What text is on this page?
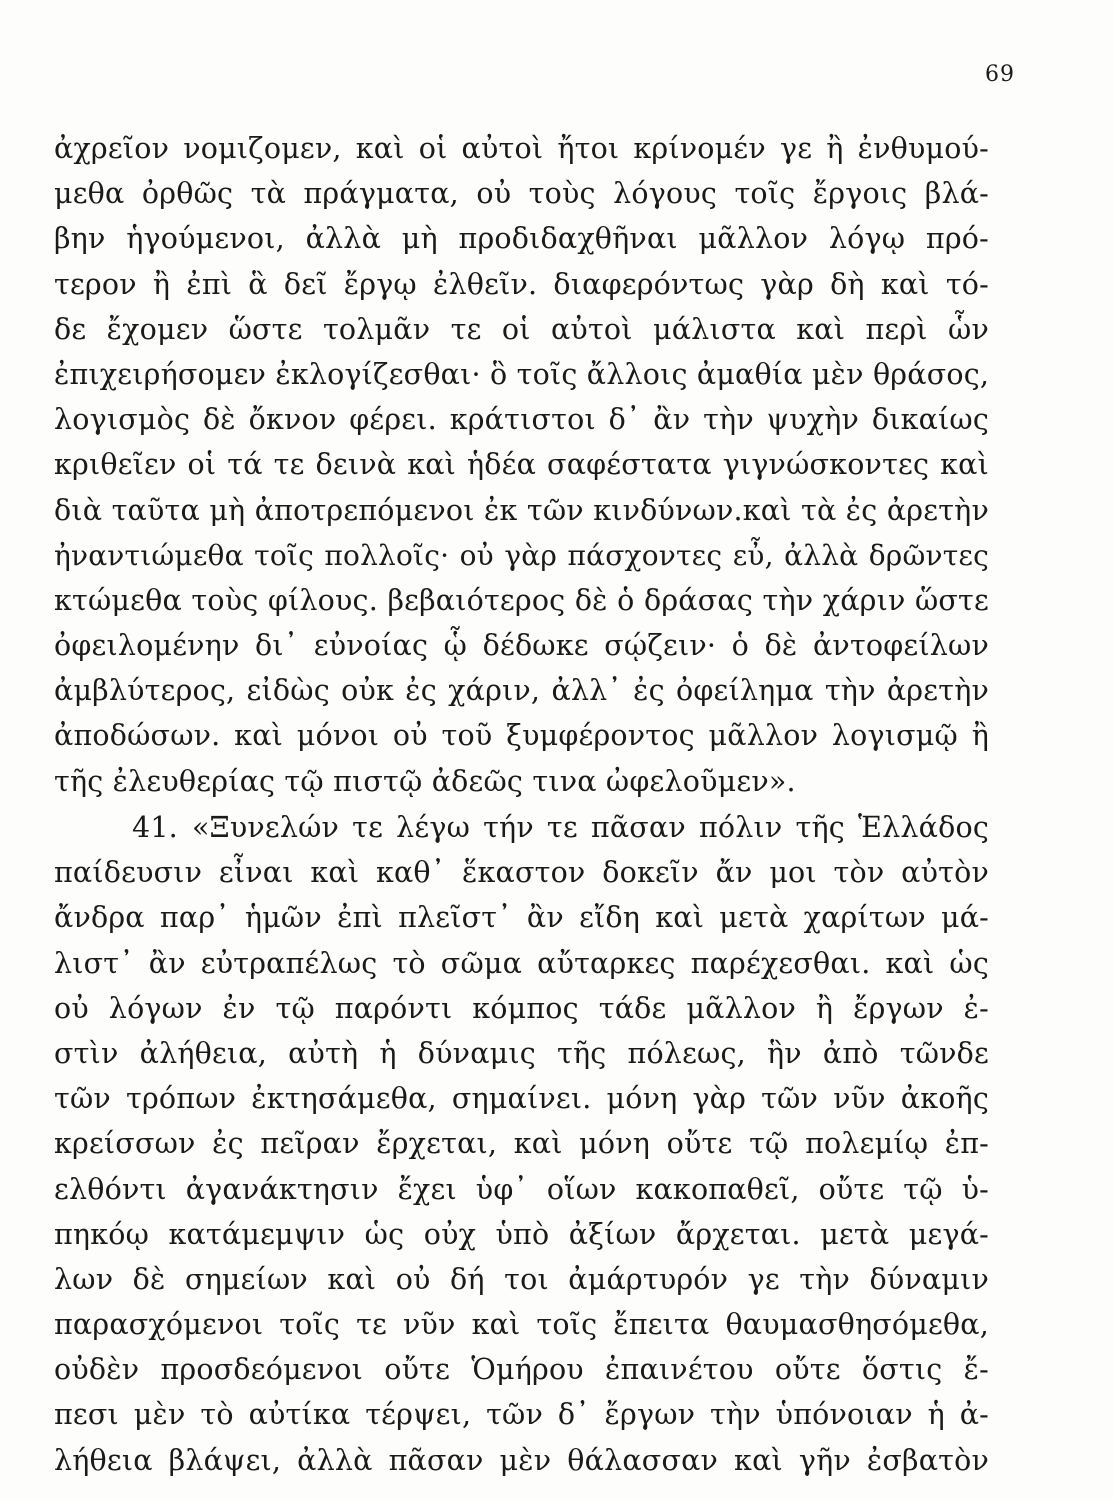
69
ἀχρεῖον νομιζομεν, καὶ οἱ αὐτοὶ ἤτοι κρίνομέν γε ἢ ἐνθυμού-
μεθα ὀρθῶς τὰ πράγματα, οὐ τοὺς λόγους τοῖς ἔργοις βλά-
βην ἡγούμενοι, ἀλλὰ μὴ προδιδαχθῆναι μᾶλλον λόγῳ πρό-
τερον ἢ ἐπὶ ἃ δεῖ ἔργῳ ἐλθεῖν. διαφερόντως γὰρ δὴ καὶ τό-
δε ἔχομεν ὥστε τολμᾶν τε οἱ αὐτοὶ μάλιστα καὶ περὶ ὧν
ἐπιχειρήσομεν ἐκλογίζεσθαι· ὃ τοῖς ἄλλοις ἀμαθία μὲν θράσος,
λογισμὸς δὲ ὄκνον φέρει. κράτιστοι δ᾿ ἂν τὴν ψυχὴν δικαίως
κριθεῖεν οἱ τά τε δεινὰ καὶ ἡδέα σαφέστατα γιγνώσκοντες καὶ
διὰ ταῦτα μὴ ἀποτρεπόμενοι ἐκ τῶν κινδύνων.καὶ τὰ ἐς ἀρετὴν
ἠναντιώμεθα τοῖς πολλοῖς· οὐ γὰρ πάσχοντες εὖ, ἀλλὰ δρῶντες
κτώμεθα τοὺς φίλους. βεβαιότερος δὲ ὁ δράσας τὴν χάριν ὥστε
ὀφειλομένην δι᾿ εὐνοίας ᾧ δέδωκε σῴζειν· ὁ δὲ ἀντοφείλων
ἀμβλύτερος, εἰδὼς οὐκ ἐς χάριν, ἀλλ᾿ ἐς ὀφείλημα τὴν ἀρετὴν
ἀποδώσων. καὶ μόνοι οὐ τοῦ ξυμφέροντος μᾶλλον λογισμῷ ἢ
τῆς ἐλευθερίας τῷ πιστῷ ἀδεῶς τινα ὠφελοῦμεν».
41. «Ξυνελών τε λέγω τήν τε πᾶσαν πόλιν τῆς Ἑλλάδος
παίδευσιν εἶναι καὶ καθ᾿ ἕκαστον δοκεῖν ἄν μοι τὸν αὐτὸν
ἄνδρα παρ᾿ ἡμῶν ἐπὶ πλεῖστ᾿ ἂν εἴδη καὶ μετὰ χαρίτων μά-
λιστ᾿ ἂν εὐτραπέλως τὸ σῶμα αὔταρκες παρέχεσθαι. καὶ ὡς
οὐ λόγων ἐν τῷ παρόντι κόμπος τάδε μᾶλλον ἢ ἔργων ἐ-
στὶν ἀλήθεια, αὐτὴ ἡ δύναμις τῆς πόλεως, ἣν ἀπὸ τῶνδε
τῶν τρόπων ἐκτησάμεθα, σημαίνει. μόνη γὰρ τῶν νῦν ἀκοῆς
κρείσσων ἐς πεῖραν ἔρχεται, καὶ μόνη οὔτε τῷ πολεμίῳ ἐπ-
ελθόντι ἀγανάκτησιν ἔχει ὑφ᾿ οἵων κακοπαθεῖ, οὔτε τῷ ὑ-
πηκόῳ κατάμεμψιν ὡς οὐχ ὑπὸ ἀξίων ἄρχεται. μετὰ μεγά-
λων δὲ σημείων καὶ οὐ δή τοι ἀμάρτυρόν γε τὴν δύναμιν
παρασχόμενοι τοῖς τε νῦν καὶ τοῖς ἔπειτα θαυμασθησόμεθα,
οὐδὲν προσδεόμενοι οὔτε Ὁμήρου ἐπαινέτου οὔτε ὅστις ἔ-
πεσι μὲν τὸ αὐτίκα τέρψει, τῶν δ᾿ ἔργων τὴν ὑπόνοιαν ἡ ἀ-
λήθεια βλάψει, ἀλλὰ πᾶσαν μὲν θάλασσαν καὶ γῆν ἐσβατὸν
